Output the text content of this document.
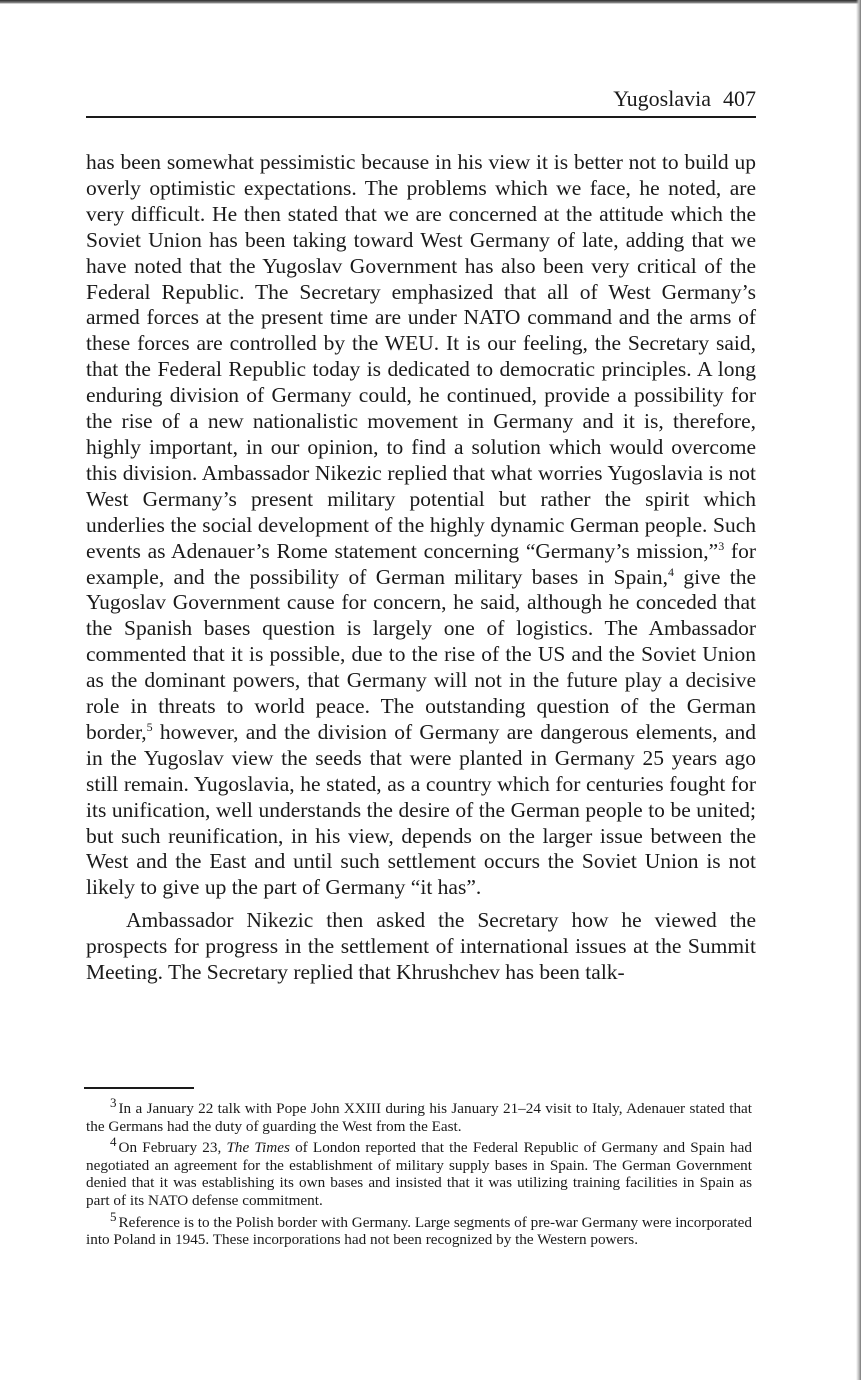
Yugoslavia 407

has been somewhat pessimistic because in his view it is better not to build up overly optimistic expectations. The problems which we face, he noted, are very difficult. He then stated that we are concerned at the attitude which the Soviet Union has been taking toward West Germany of late, adding that we have noted that the Yugoslav Government has also been very critical of the Federal Republic. The Secretary emphasized that all of West Germany’s armed forces at the present time are under NATO command and the arms of these forces are controlled by the WEU. It is our feeling, the Secretary said, that the Federal Republic today is dedicated to democratic principles. A long enduring division of Germany could, he continued, provide a possibility for the rise of a new nationalistic movement in Germany and it is, therefore, highly important, in our opinion, to find a solution which would overcome this division. Ambassador Nikezic replied that what worries Yugoslavia is not West Germany’s present military potential but rather the spirit which underlies the social development of the highly dynamic German people. Such events as Adenauer’s Rome statement concerning “Germany’s mission,”$^3$ for example, and the possibility of German military bases in Spain,$^4$ give the Yugoslav Government cause for concern, he said, although he conceded that the Spanish bases question is largely one of logistics. The Ambassador commented that it is possible, due to the rise of the US and the Soviet Union as the dominant powers, that Germany will not in the future play a decisive role in threats to world peace. The outstanding question of the German border,$^5$ however, and the division of Germany are dangerous elements, and in the Yugoslav view the seeds that were planted in Germany 25 years ago still remain. Yugoslavia, he stated, as a country which for centuries fought for its unification, well understands the desire of the German people to be united; but such reunification, in his view, depends on the larger issue between the West and the East and until such settlement occurs the Soviet Union is not likely to give up the part of Germany “it has”.

Ambassador Nikezic then asked the Secretary how he viewed the prospects for progress in the settlement of international issues at the Summit Meeting. The Secretary replied that Khrushchev has been talk-

3 In a January 22 talk with Pope John XXIII during his January 21–24 visit to Italy, Adenauer stated that the Germans had the duty of guarding the West from the East.

4 On February 23, The Times of London reported that the Federal Republic of Germany and Spain had negotiated an agreement for the establishment of military supply bases in Spain. The German Government denied that it was establishing its own bases and insisted that it was utilizing training facilities in Spain as part of its NATO defense commitment.

5 Reference is to the Polish border with Germany. Large segments of pre-war Germany were incorporated into Poland in 1945. These incorporations had not been recognized by the Western powers.
